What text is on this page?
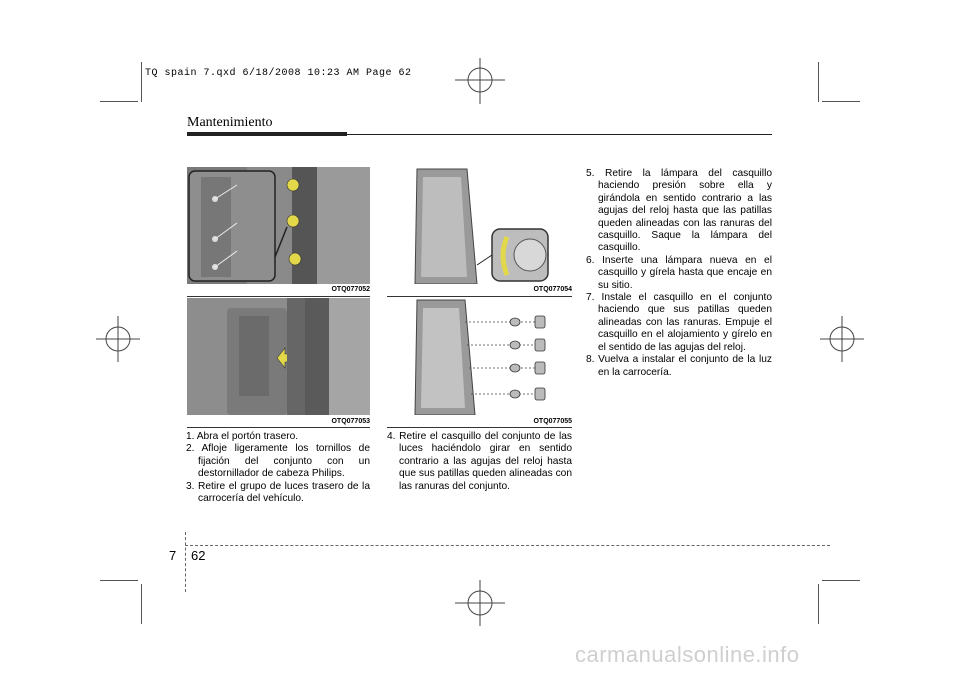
TQ spain 7.qxd 6/18/2008 10:23 AM Page 62
Mantenimiento
OTQ077052
OTQ077053
OTQ077054
OTQ077055

1. Abra el portón trasero.

2. Afloje ligeramente los tornillos de fijación del conjunto con un destornillador de cabeza Philips.

3. Retire el grupo de luces trasero de la carrocería del vehículo.

4. Retire el casquillo del conjunto de las luces haciéndolo girar en sentido contrario a las agujas del reloj hasta que sus patillas queden alineadas con las ranuras del conjunto.

5. Retire la lámpara del casquillo haciendo presión sobre ella y girándola en sentido contrario a las agujas del reloj hasta que las patillas queden alineadas con las ranuras del casquillo. Saque la lámpara del casquillo.

6. Inserte una lámpara nueva en el casquillo y gírela hasta que encaje en su sitio.

7. Instale el casquillo en el conjunto haciendo que sus patillas queden alineadas con las ranuras. Empuje el casquillo en el alojamiento y gírelo en el sentido de las agujas del reloj.

8. Vuelva a instalar el conjunto de la luz en la carrocería.

7 62
carmanualsonline.info
